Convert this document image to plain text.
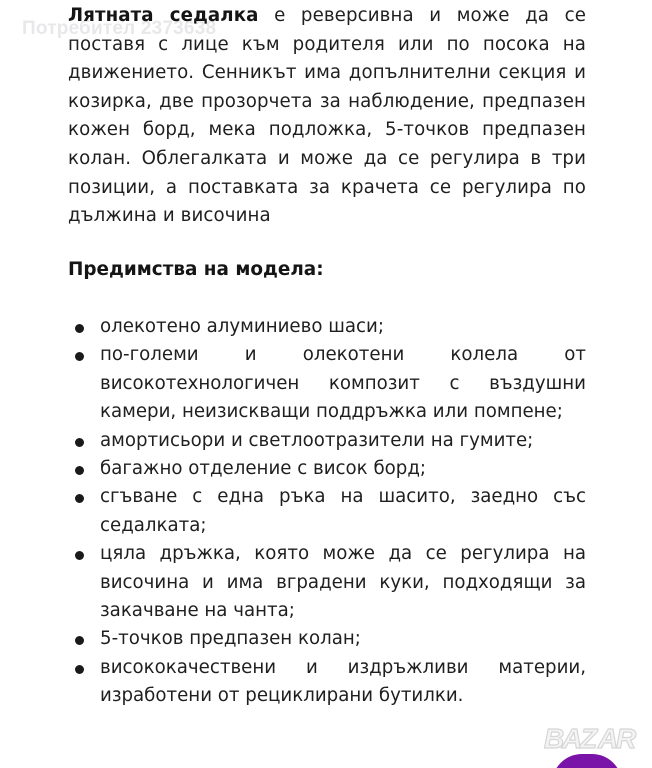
Потребител 2373638

Лятната седалка е реверсивна и може да се поставя с лице към родителя или по посока на движението. Сенникът има допълнителни секция и козирка, две прозорчета за наблюдение, предпазен кожен борд, мека подложка, 5-точков предпазен колан. Облегалката и може да се регулира в три позиции, а поставката за крачета се регулира по дължина и височина

Предимства на модела:
олекотено алуминиево шаси;
по-големи и олекотени колела от високотехнологичен композит с въздушни камери, неизискващи поддръжка или помпене;
амортисьори и светлоотразители на гумите;
багажно отделение с висок борд;
сгъване с една ръка на шасито, заедно със седалката;
цяла дръжка, която може да се регулира на височина и има вградени куки, подходящи за закачване на чанта;
5-точков предпазен колан;
висококачествени и издръжливи материи, изработени от рециклирани бутилки.
B
A
Z A
R
